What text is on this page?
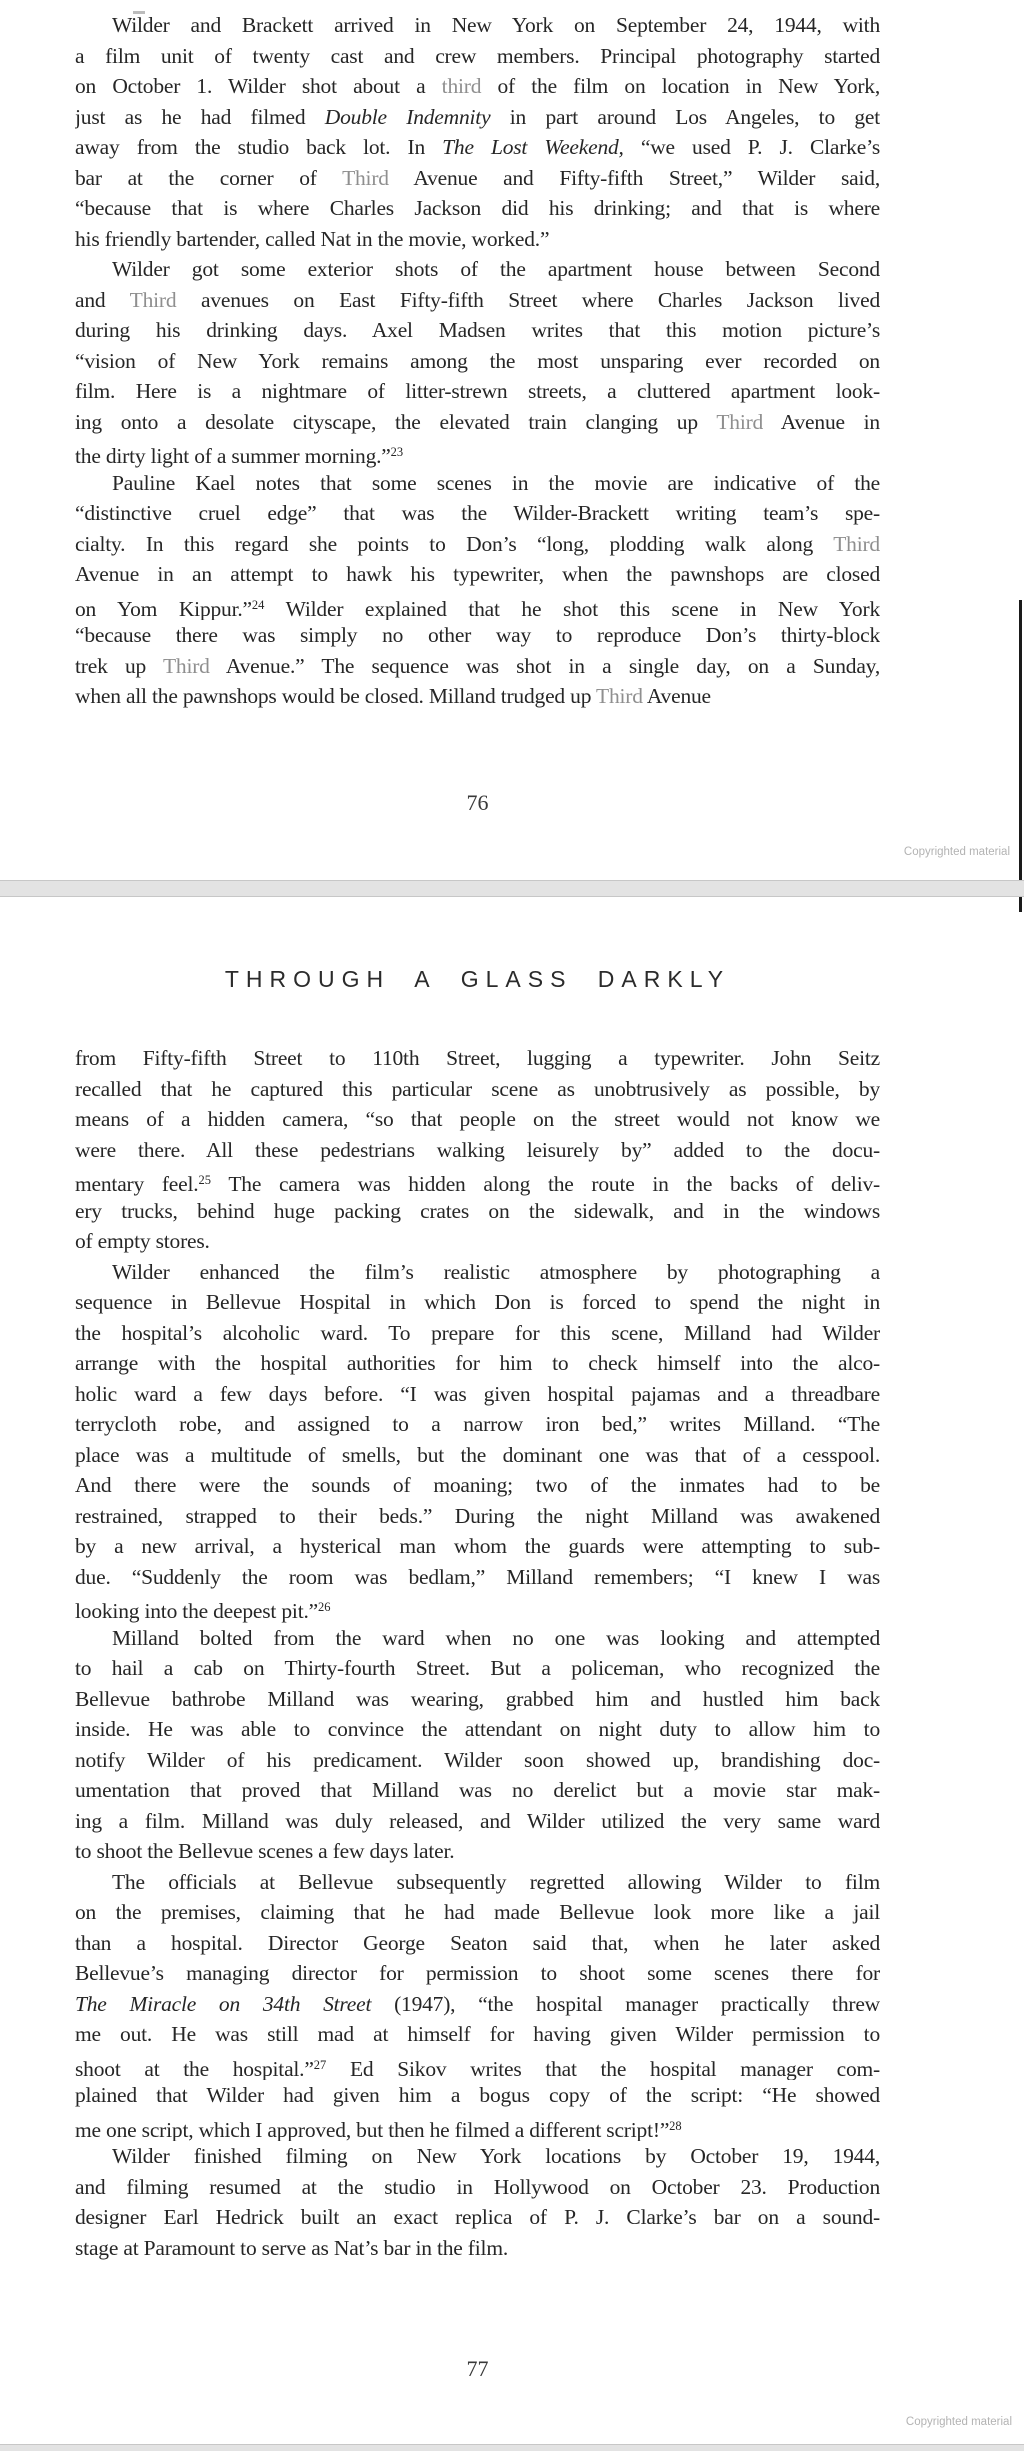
Wilder and Brackett arrived in New York on September 24, 1944, with
a film unit of twenty cast and crew members. Principal photography started
on October 1. Wilder shot about a third of the film on location in New York,
just as he had filmed Double Indemnity in part around Los Angeles, to get
away from the studio back lot. In The Lost Weekend, “we used P. J. Clarke’s
bar at the corner of Third Avenue and Fifty-fifth Street,” Wilder said,
“because that is where Charles Jackson did his drinking; and that is where
his friendly bartender, called Nat in the movie, worked.”
Wilder got some exterior shots of the apartment house between Second
and Third avenues on East Fifty-fifth Street where Charles Jackson lived
during his drinking days. Axel Madsen writes that this motion picture’s
“vision of New York remains among the most unsparing ever recorded on
film. Here is a nightmare of litter-strewn streets, a cluttered apartment look-
ing onto a desolate cityscape, the elevated train clanging up Third Avenue in
the dirty light of a summer morning.”$^{23}$
Pauline Kael notes that some scenes in the movie are indicative of the
“distinctive cruel edge” that was the Wilder-Brackett writing team’s spe-
cialty. In this regard she points to Don’s “long, plodding walk along Third
Avenue in an attempt to hawk his typewriter, when the pawnshops are closed
on Yom Kippur.”$^{24}$ Wilder explained that he shot this scene in New York
“because there was simply no other way to reproduce Don’s thirty-block
trek up Third Avenue.” The sequence was shot in a single day, on a Sunday,
when all the pawnshops would be closed. Milland trudged up Third Avenue
76
Copyrighted material
THROUGH A GLASS DARKLY
from Fifty-fifth Street to 110th Street, lugging a typewriter. John Seitz
recalled that he captured this particular scene as unobtrusively as possible, by
means of a hidden camera, “so that people on the street would not know we
were there. All these pedestrians walking leisurely by” added to the docu-
mentary feel.$^{25}$ The camera was hidden along the route in the backs of deliv-
ery trucks, behind huge packing crates on the sidewalk, and in the windows
of empty stores.
Wilder enhanced the film’s realistic atmosphere by photographing a
sequence in Bellevue Hospital in which Don is forced to spend the night in
the hospital’s alcoholic ward. To prepare for this scene, Milland had Wilder
arrange with the hospital authorities for him to check himself into the alco-
holic ward a few days before. “I was given hospital pajamas and a threadbare
terrycloth robe, and assigned to a narrow iron bed,” writes Milland. “The
place was a multitude of smells, but the dominant one was that of a cesspool.
And there were the sounds of moaning; two of the inmates had to be
restrained, strapped to their beds.” During the night Milland was awakened
by a new arrival, a hysterical man whom the guards were attempting to sub-
due. “Suddenly the room was bedlam,” Milland remembers; “I knew I was
looking into the deepest pit.”$^{26}$
Milland bolted from the ward when no one was looking and attempted
to hail a cab on Thirty-fourth Street. But a policeman, who recognized the
Bellevue bathrobe Milland was wearing, grabbed him and hustled him back
inside. He was able to convince the attendant on night duty to allow him to
notify Wilder of his predicament. Wilder soon showed up, brandishing doc-
umentation that proved that Milland was no derelict but a movie star mak-
ing a film. Milland was duly released, and Wilder utilized the very same ward
to shoot the Bellevue scenes a few days later.
The officials at Bellevue subsequently regretted allowing Wilder to film
on the premises, claiming that he had made Bellevue look more like a jail
than a hospital. Director George Seaton said that, when he later asked
Bellevue’s managing director for permission to shoot some scenes there for
The Miracle on 34th Street (1947), “the hospital manager practically threw
me out. He was still mad at himself for having given Wilder permission to
shoot at the hospital.”$^{27}$ Ed Sikov writes that the hospital manager com-
plained that Wilder had given him a bogus copy of the script: “He showed
me one script, which I approved, but then he filmed a different script!”$^{28}$
Wilder finished filming on New York locations by October 19, 1944,
and filming resumed at the studio in Hollywood on October 23. Production
designer Earl Hedrick built an exact replica of P. J. Clarke’s bar on a sound-
stage at Paramount to serve as Nat’s bar in the film.
77
Copyrighted material
